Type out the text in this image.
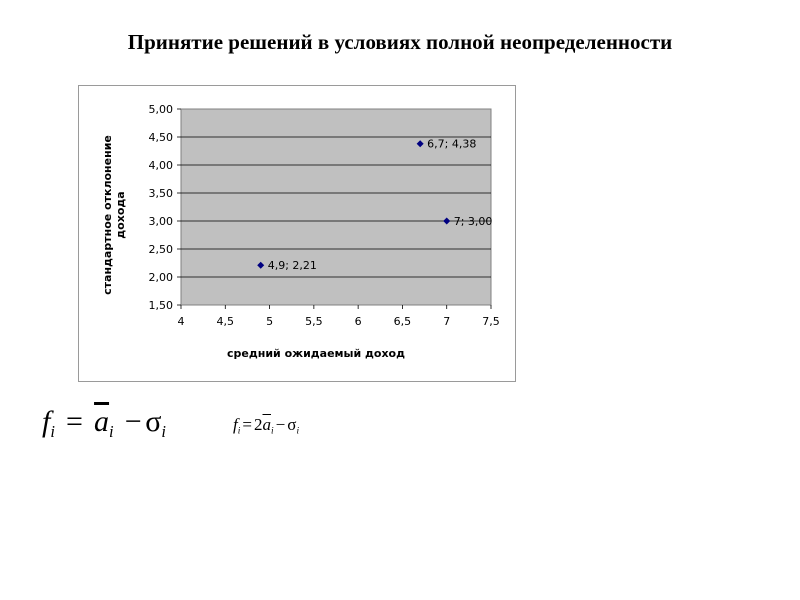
Принятие решений в условиях полной неопределенности
1,50
2,00
2,50
3,00
3,50
4,00
4,50
5,00
4	4,5	5	5,5	6	6,5	7	7,5
средний ожидаемый доход
стандартное отклонениедохода
4,9; 2,21
6,7; 4,38
7; 3,00
fi = $\overline{a}i - \sigma i$	fi = $2\overline{a}i - \sigma i$
